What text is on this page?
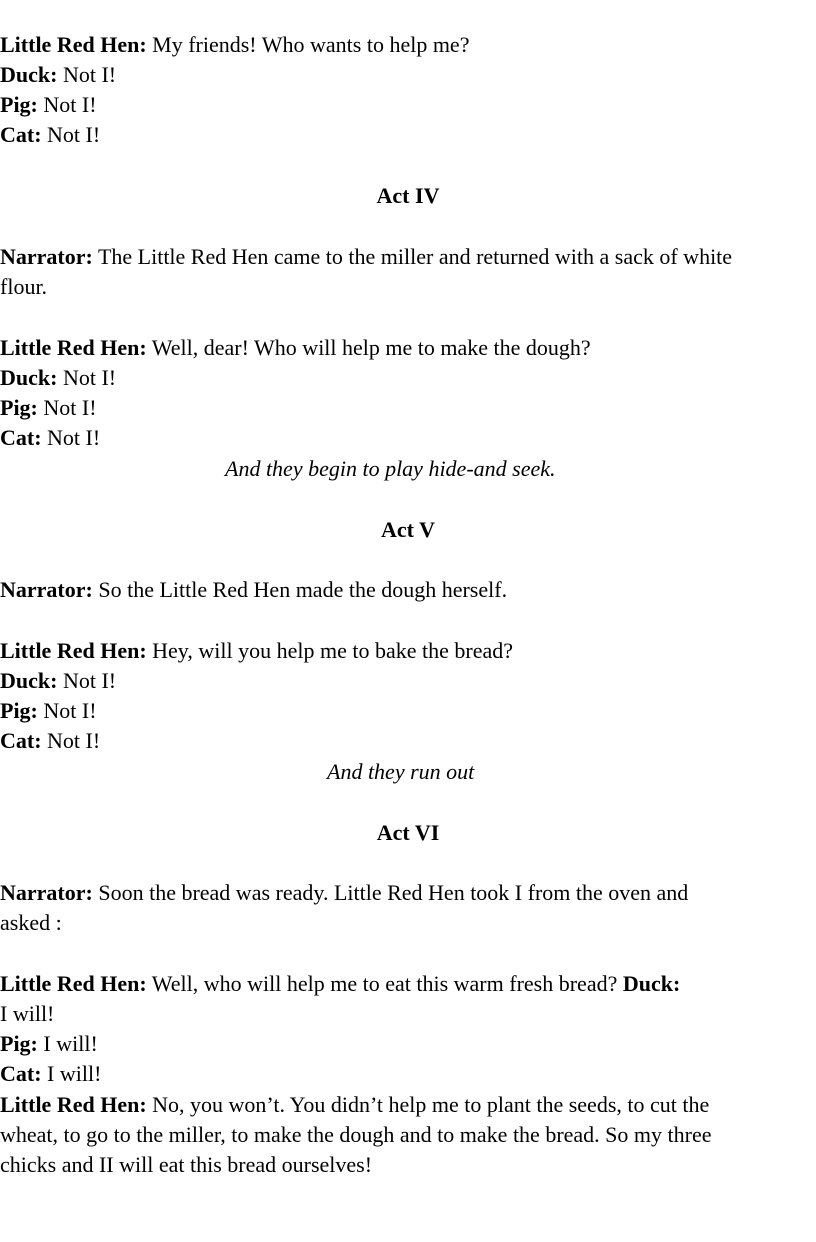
Little Red Hen: My friends! Who wants to help me?
Duck: Not I!
Pig: Not I!
Cat: Not I!
Act IV
Narrator: The Little Red Hen came to the miller and returned with a sack of white
flour.
Little Red Hen: Well, dear! Who will help me to make the dough?
Duck: Not I!
Pig: Not I!
Cat: Not I!
And they begin to play hide-and seek.
Act V
Narrator: So the Little Red Hen made the dough herself.
Little Red Hen: Hey, will you help me to bake the bread?
Duck: Not I!
Pig: Not I!
Cat: Not I!
And they run out
Act VI
Narrator: Soon the bread was ready. Little Red Hen took I from the oven and
asked :
Little Red Hen: Well, who will help me to eat this warm fresh bread? Duck:
I will!
Pig: I will!
Cat: I will!
Little Red Hen: No, you won’t. You didn’t help me to plant the seeds, to cut the
wheat, to go to the miller, to make the dough and to make the bread. So my three
chicks and II will eat this bread ourselves!
